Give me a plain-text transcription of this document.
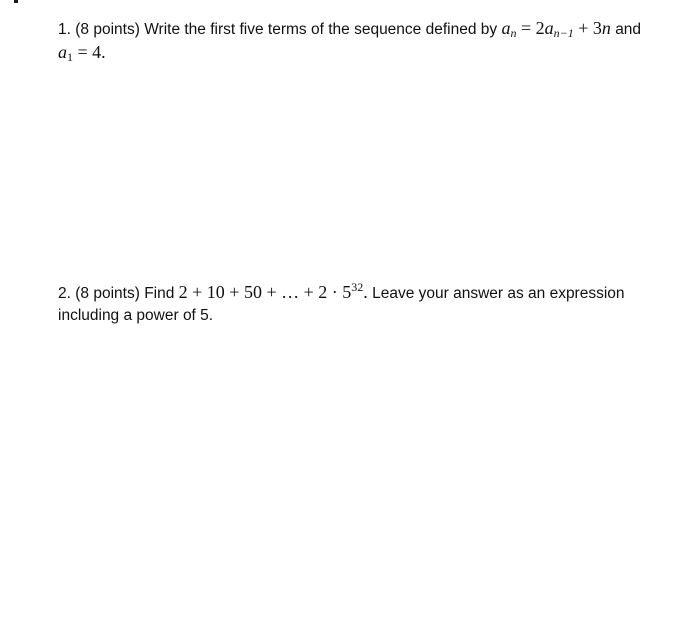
1. (8 points) Write the first five terms of the sequence defined by $a_n = 2a_{n-1} + 3n$ and
$a_1 = 4$.
2. (8 points) Find 2 + 10 + 50 + … + $2 \cdot 5^{32}$. Leave your answer as an expression including a power of 5.
